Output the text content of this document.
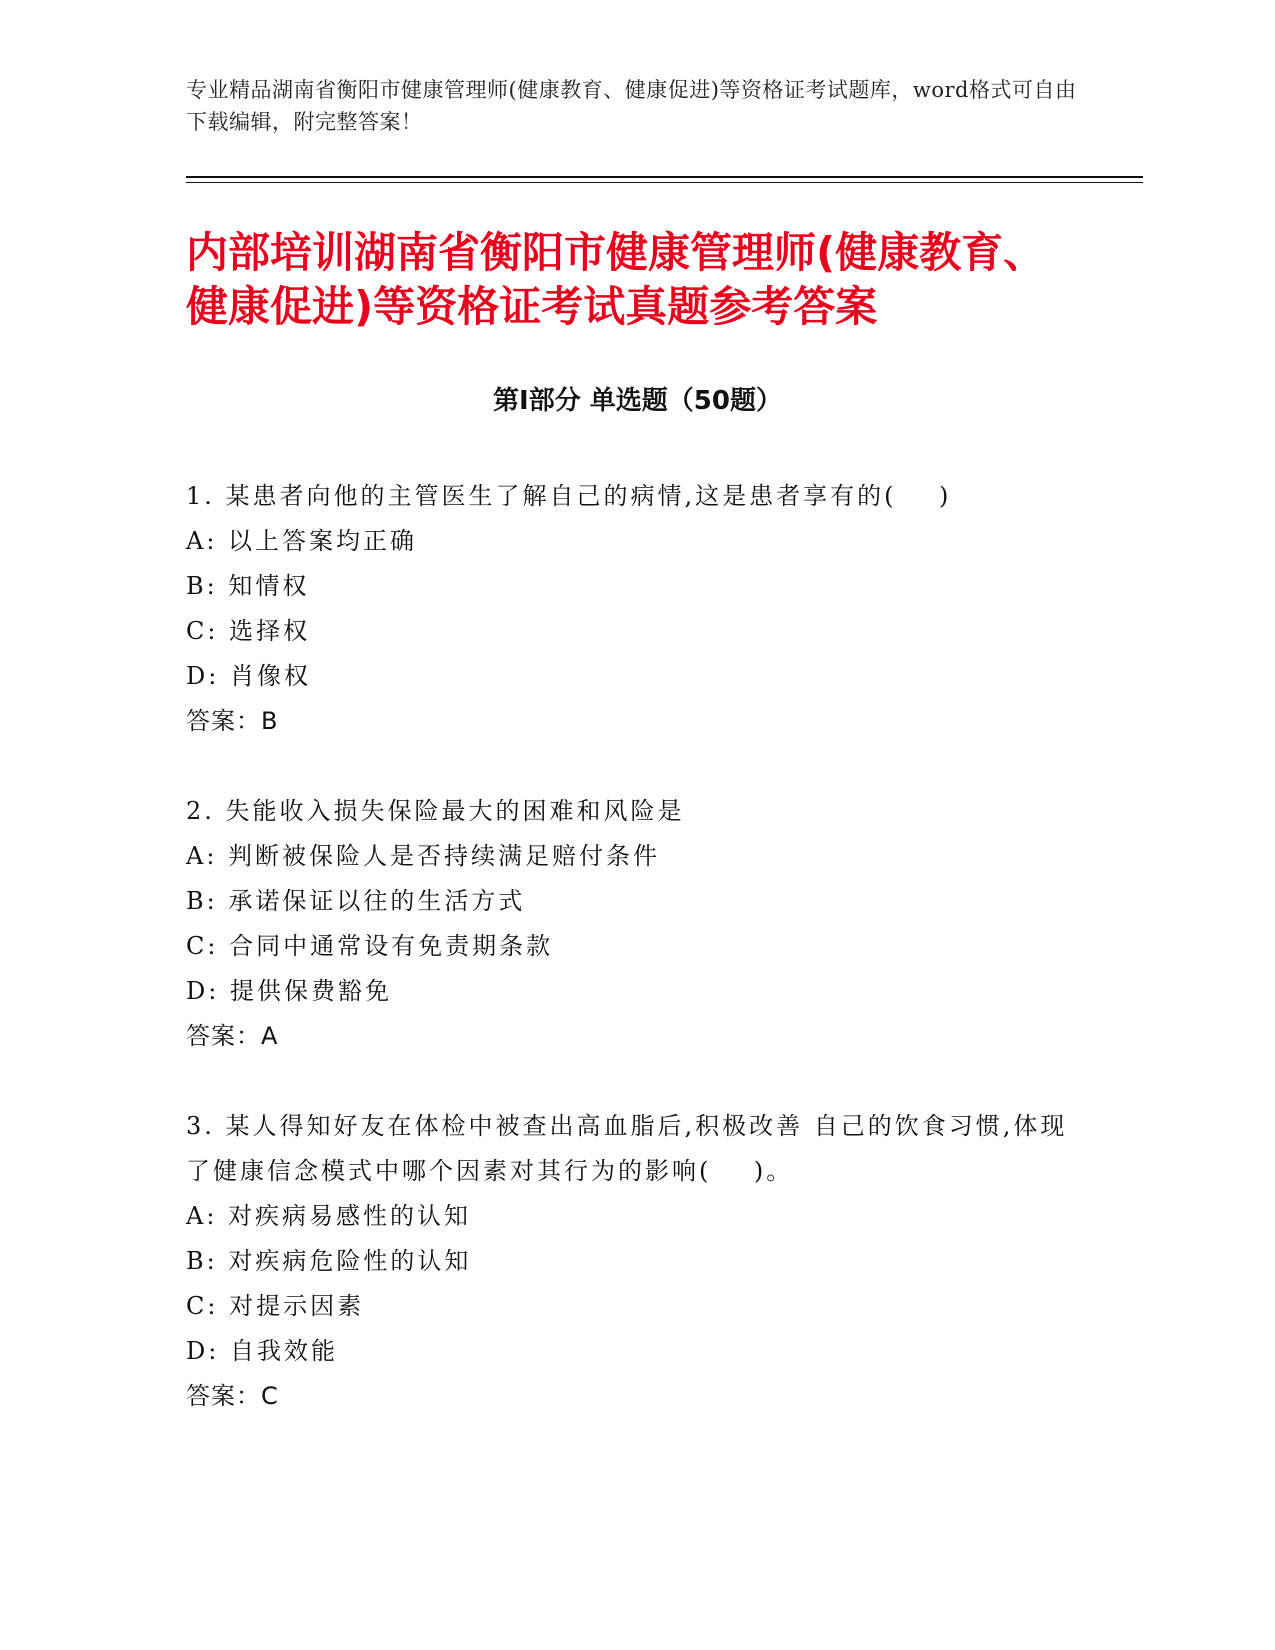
专业精品湖南省衡阳市健康管理师(健康教育、健康促进)等资格证考试题库，word格式可自由下载编辑，附完整答案！
内部培训湖南省衡阳市健康管理师(健康教育、健康促进)等资格证考试真题参考答案
第Ⅰ部分 单选题（50题）
1. 某患者向他的主管医生了解自己的病情,这是患者享有的(    )
A: 以上答案均正确
B: 知情权
C: 选择权
D: 肖像权
答案：B
2. 失能收入损失保险最大的困难和风险是
A: 判断被保险人是否持续满足赔付条件
B: 承诺保证以往的生活方式
C: 合同中通常设有免责期条款
D: 提供保费豁免
答案：A
3. 某人得知好友在体检中被查出高血脂后,积极改善 自己的饮食习惯,体现了健康信念模式中哪个因素对其行为的影响(    )。
A: 对疾病易感性的认知
B: 对疾病危险性的认知
C: 对提示因素
D: 自我效能
答案：C
